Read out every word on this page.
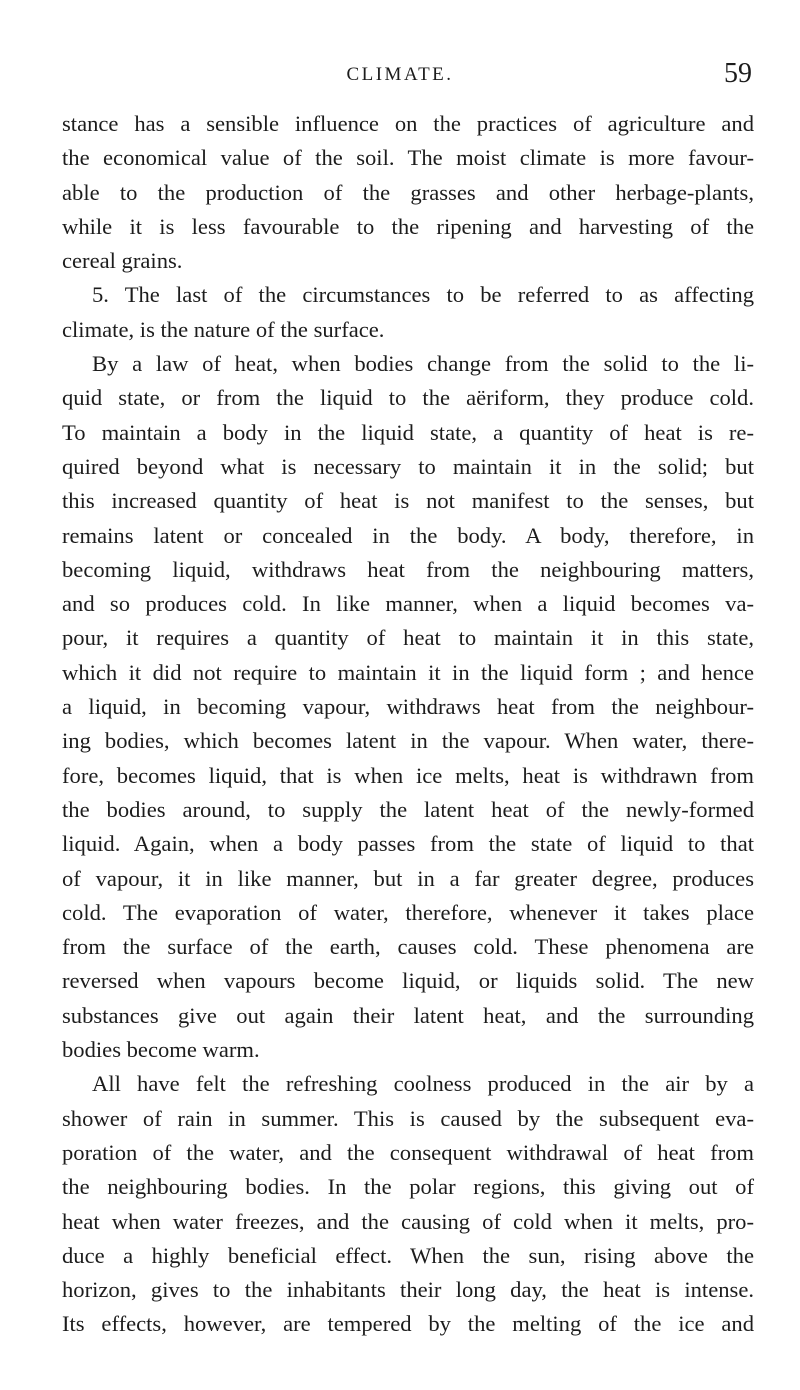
CLIMATE.	59
stance has a sensible influence on the practices of agriculture and
the economical value of the soil. The moist climate is more favour-
able to the production of the grasses and other herbage-plants,
while it is less favourable to the ripening and harvesting of the
cereal grains.
5. The last of the circumstances to be referred to as affecting
climate, is the nature of the surface.
By a law of heat, when bodies change from the solid to the li-
quid state, or from the liquid to the aëriform, they produce cold.
To maintain a body in the liquid state, a quantity of heat is re-
quired beyond what is necessary to maintain it in the solid; but
this increased quantity of heat is not manifest to the senses, but
remains latent or concealed in the body. A body, therefore, in
becoming liquid, withdraws heat from the neighbouring matters,
and so produces cold. In like manner, when a liquid becomes va-
pour, it requires a quantity of heat to maintain it in this state,
which it did not require to maintain it in the liquid form ; and hence
a liquid, in becoming vapour, withdraws heat from the neighbour-
ing bodies, which becomes latent in the vapour. When water, there-
fore, becomes liquid, that is when ice melts, heat is withdrawn from
the bodies around, to supply the latent heat of the newly-formed
liquid. Again, when a body passes from the state of liquid to that
of vapour, it in like manner, but in a far greater degree, produces
cold. The evaporation of water, therefore, whenever it takes place
from the surface of the earth, causes cold. These phenomena are
reversed when vapours become liquid, or liquids solid. The new
substances give out again their latent heat, and the surrounding
bodies become warm.
All have felt the refreshing coolness produced in the air by a
shower of rain in summer. This is caused by the subsequent eva-
poration of the water, and the consequent withdrawal of heat from
the neighbouring bodies. In the polar regions, this giving out of
heat when water freezes, and the causing of cold when it melts, pro-
duce a highly beneficial effect. When the sun, rising above the
horizon, gives to the inhabitants their long day, the heat is intense.
Its effects, however, are tempered by the melting of the ice and
